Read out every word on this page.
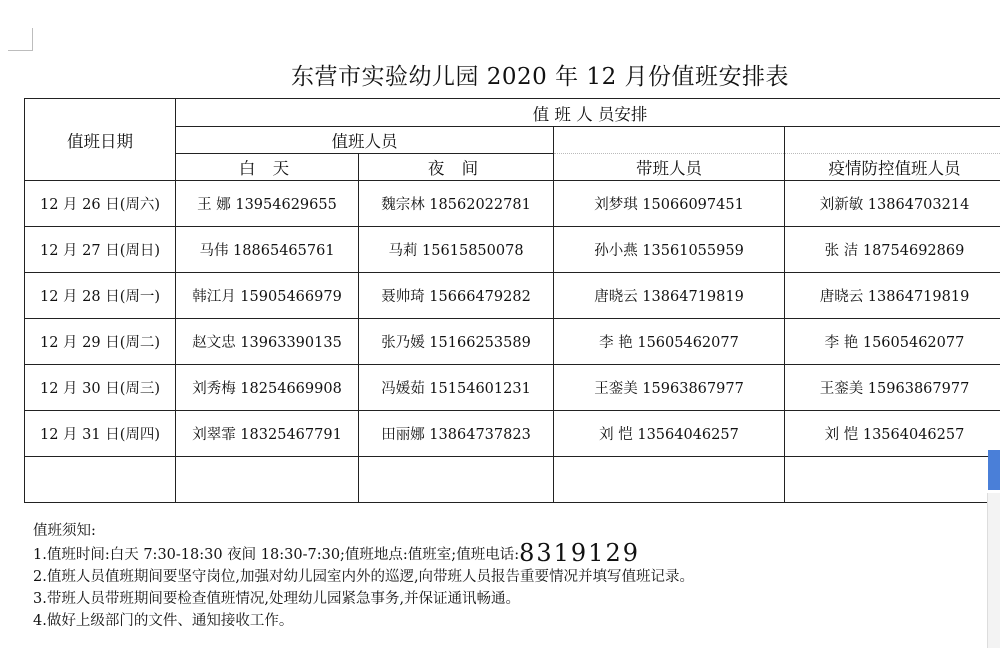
东营市实验幼儿园 2020 年 12 月份值班安排表
值班日期	值 班 人 员安排			
	值班人员			
	白 天	夜 间	带班人员	疫情防控值班人员
12 月 26 日(周六)	王 娜 13954629655	魏宗林 18562022781	刘梦琪 15066097451	刘新敏 13864703214
12 月 27 日(周日)	马伟 18865465761	马莉 15615850078	孙小燕 13561055959	张 洁 18754692869
12 月 28 日(周一)	韩江月 15905466979	聂帅琦 15666479282	唐晓云 13864719819	唐晓云 13864719819
12 月 29 日(周二)	赵文忠 13963390135	张乃媛 15166253589	李 艳 15605462077	李 艳 15605462077
12 月 30 日(周三)	刘秀梅 18254669908	冯媛茹 15154601231	王銮美 15963867977	王銮美 15963867977
12 月 31 日(周四)	刘翠霏 18325467791	田丽娜 13864737823	刘 恺 13564046257	刘 恺 13564046257

值班须知:
1.值班时间:白天 7:30-18:30 夜间 18:30-7:30;值班地点:值班室;值班电话:8319129
2.值班人员值班期间要坚守岗位,加强对幼儿园室内外的巡逻,向带班人员报告重要情况并填写值班记录。
3.带班人员带班期间要检查值班情况,处理幼儿园紧急事务,并保证通讯畅通。
4.做好上级部门的文件、通知接收工作。
